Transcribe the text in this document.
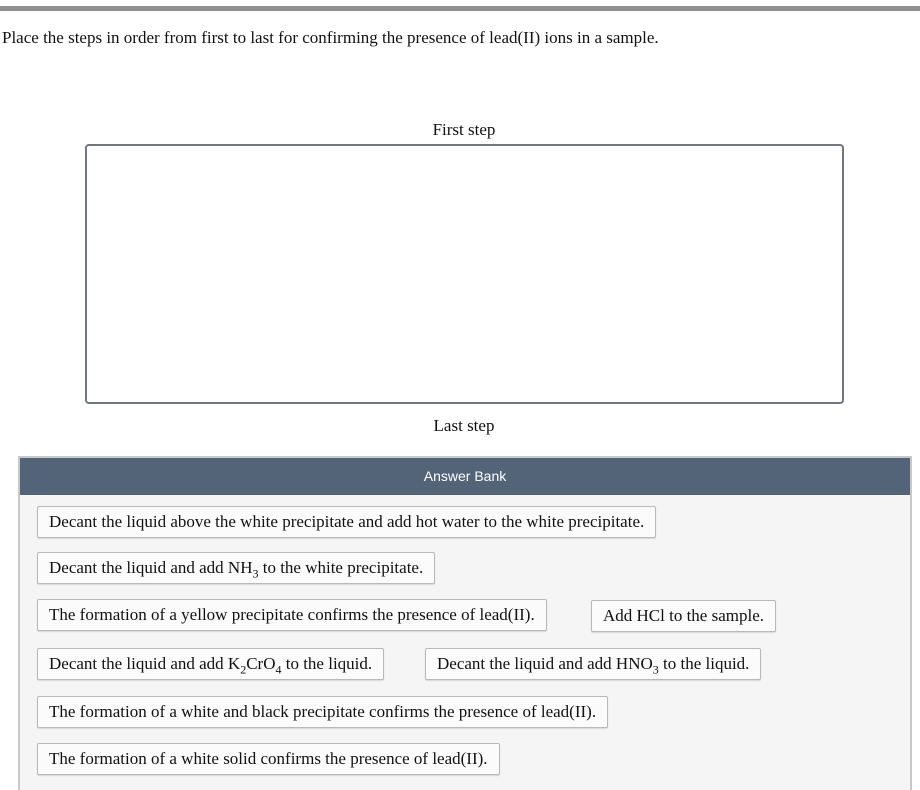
Place the steps in order from first to last for confirming the presence of lead(II) ions in a sample.
First step
Last step
Answer Bank
Decant the liquid above the white precipitate and add hot water to the white precipitate.
Decant the liquid and add $NH_3$ to the white precipitate.
The formation of a yellow precipitate confirms the presence of lead(II).	Add HCl to the sample.
Decant the liquid and add $K_2CrO_4$ to the liquid.	Decant the liquid and add $HNO_3$ to the liquid.
The formation of a white and black precipitate confirms the presence of lead(II).
The formation of a white solid confirms the presence of lead(II).
